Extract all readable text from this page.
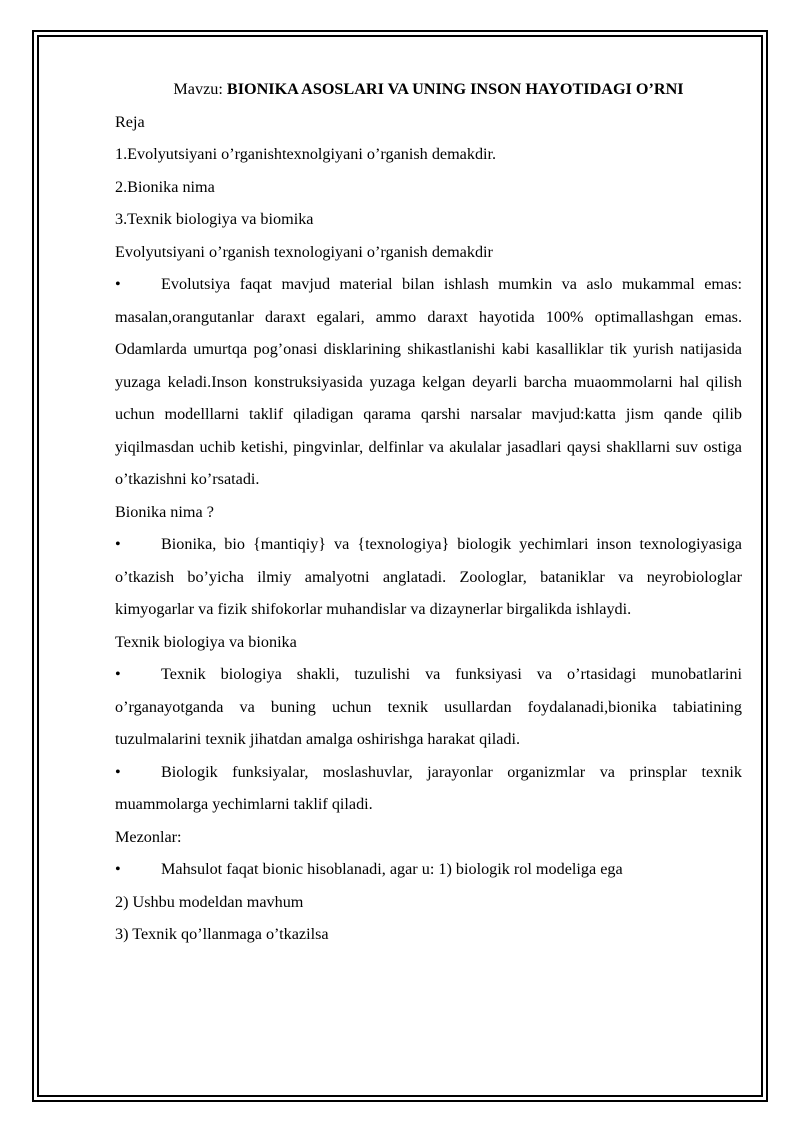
Mavzu: BIONIKA ASOSLARI VA UNING INSON HAYOTIDAGI O’RNI

Reja

1.Evolyutsiyani o’rganishtexnolgiyani o’rganish demakdir.

2.Bionika nima

3.Texnik biologiya va biomika

Evolyutsiyani o’rganish texnologiyani o’rganish demakdir

• Evolutsiya faqat mavjud material bilan ishlash mumkin va aslo mukammal emas: masalan,orangutanlar daraxt egalari, ammo daraxt hayotida 100% optimallashgan emas. Odamlarda umurtqa pog’onasi disklarining shikastlanishi kabi kasalliklar tik yurish natijasida yuzaga keladi.Inson konstruksiyasida yuzaga kelgan deyarli barcha muaommolarni hal qilish uchun modelllarni taklif qiladigan qarama qarshi narsalar mavjud:katta jism qande qilib yiqilmasdan uchib ketishi, pingvinlar, delfinlar va akulalar jasadlari qaysi shakllarni suv ostiga o’tkazishni ko’rsatadi.

Bionika nima ?

• Bionika, bio {mantiqiy} va {texnologiya} biologik yechimlari inson texnologiyasiga o’tkazish bo’yicha ilmiy amalyotni anglatadi. Zoologlar, bataniklar va neyrobiologlar kimyogarlar va fizik shifokorlar muhandislar va dizaynerlar birgalikda ishlaydi.

Texnik biologiya va bionika

• Texnik biologiya shakli, tuzulishi va funksiyasi va o’rtasidagi munobatlarini o’rganayotganda va buning uchun texnik usullardan foydalanadi,bionika tabiatining tuzulmalarini texnik jihatdan amalga oshirishga harakat qiladi.

• Biologik funksiyalar, moslashuvlar, jarayonlar organizmlar va prinsplar texnik muammolarga yechimlarni taklif qiladi.

Mezonlar:

• Mahsulot faqat bionic hisoblanadi, agar u: 1) biologik rol modeliga ega

2) Ushbu modeldan mavhum

3) Texnik qo’llanmaga o’tkazilsa
